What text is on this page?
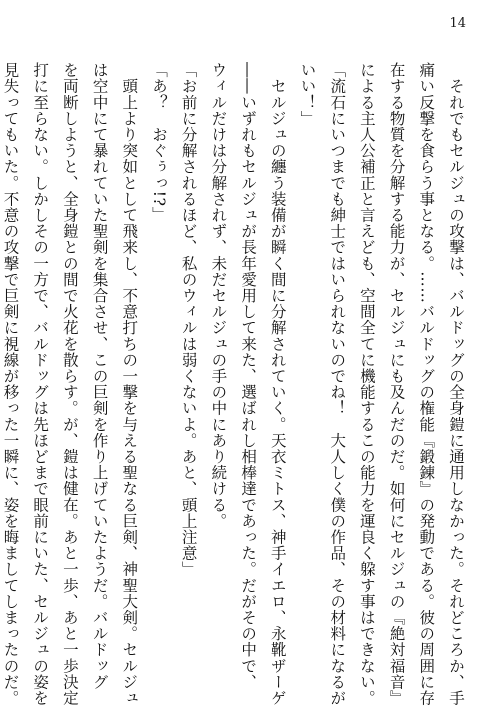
14
　それでもセルジュの攻撃は、バルドッグの全身鎧に通用しなかった。それどころか、手
痛い反撃を食らう事となる。……バルドッグの権能『鍛錬』の発動である。彼の周囲に存
在する物質を分解する能力が、セルジュにも及んだのだ。如何にセルジュの『絶対福音』
による主人公補正と言えども、空間全てに機能するこの能力を運良く躱す事はできない。
「流石にいつまでも紳士ではいられないのでね！　大人しく僕の作品、その材料になるが
いい！」
　セルジュの纏う装備が瞬く間に分解されていく。天衣ミトス、神手イエロ、永靴ザーゲ
――いずれもセルジュが長年愛用して来た、選ばれし相棒達であった。だがその中で、
ウィルだけは分解されず、未だセルジュの手の中にあり続ける。
「お前に分解されるほど、私のウィルは弱くないよ。あと、頭上注意」
「あ？　おぐぅっ!?」
　頭上より突如として飛来し、不意打ちの一撃を与える聖なる巨剣、神聖大剣。セルジュ
は空中にて暴れていた聖剣を集合させ、この巨剣を作り上げていたようだ。バルドッグ
を両断しようと、全身鎧との間で火花を散らす。が、鎧は健在。あと一歩、あと一歩決定
打に至らない。しかしその一方で、バルドッグは先ほどまで眼前にいた、セルジュの姿を
見失ってもいた。不意の攻撃で巨剣に視線が移った一瞬に、姿を晦ましてしまったのだ。
